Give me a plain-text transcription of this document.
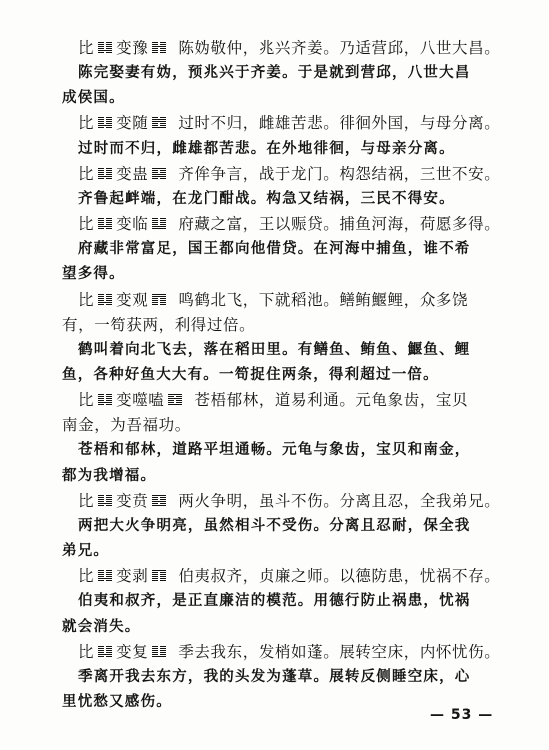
比 变豫 陈妫敬仲，兆兴齐姜。乃适营邱，八世大昌。
陈完娶妻有妫，预兆兴于齐姜。于是就到营邱，八世大昌
成侯国。
比 变随 过时不归，雌雄苦悲。徘徊外国，与母分离。
过时而不归，雌雄都苦悲。在外地徘徊，与母亲分离。
比 变蛊 齐侔争言，战于龙门。构怨结祸，三世不安。
齐鲁起衅端，在龙门酣战。构急又结祸，三民不得安。
比 变临 府藏之富，王以赈贷。捕鱼河海，荷愿多得。
府藏非常富足，国王都向他借贷。在河海中捕鱼，谁不希
望多得。
比 变观 鸣鹤北飞，下就稻池。鳝鲔鰋鲤，众多饶
有，一笱获两，利得过倍。
鹤叫着向北飞去，落在稻田里。有鳝鱼、鲔鱼、鰋鱼、鲤
鱼，各种好鱼大大有。一笱捉住两条，得利超过一倍。
比 变噬嗑 苍梧郁林，道易利通。元龟象齿，宝贝
南金，为吾福功。
苍梧和郁林，道路平坦通畅。元龟与象齿，宝贝和南金，
都为我增福。
比 变贲 两火争明，虽斗不伤。分离且忍，全我弟兄。
两把大火争明亮，虽然相斗不受伤。分离且忍耐，保全我
弟兄。
比 变剥 伯夷叔齐，贞廉之师。以德防患，忧祸不存。
伯夷和叔齐，是正直廉洁的模范。用德行防止祸患，忧祸
就会消失。
比 变复 季去我东，发梢如蓬。展转空床，内怀忧伤。
季离开我去东方，我的头发为蓬草。展转反侧睡空床，心
里忧愁又感伤。
— 53 —
